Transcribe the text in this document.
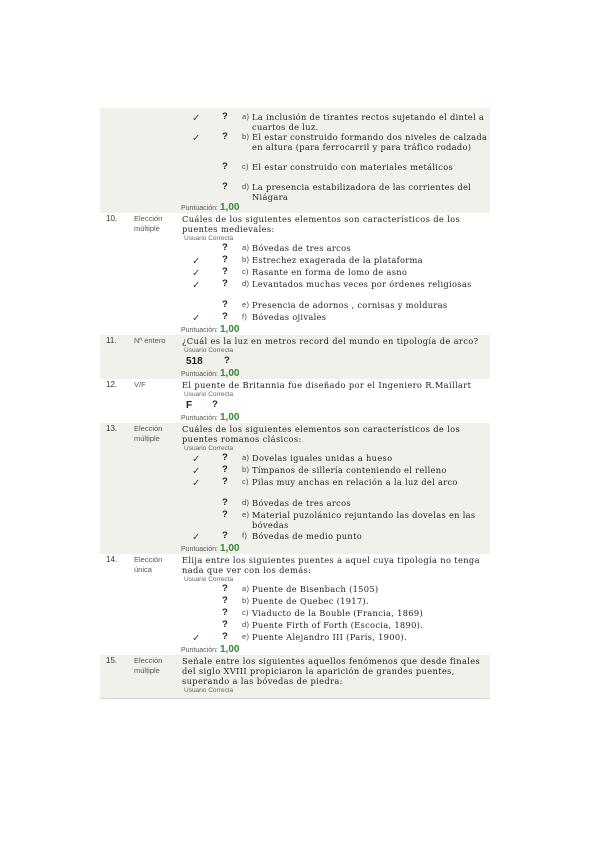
✓ ? a) La inclusión de tirantes rectos sujetando el dintel a cuartos de luz.
✓ ? b) El estar construido formando dos niveles de calzada en altura (para ferrocarril y para tráfico rodado)
? c) El estar construido con materiales metálicos
? d) La presencia estabilizadora de las corrientes del Niágara
Puntuación: 1,00
10. Elección múltiple
Cuáles de los siguientes elementos son característicos de los puentes medievales:
Usuario Correcta
? a) Bóvedas de tres arcos
✓ ? b) Estrechez exagerada de la plataforma
✓ ? c) Rasante en forma de lomo de asno
✓ ? d) Levantados muchas veces por órdenes religiosas
? e) Presencia de adornos , cornisas y molduras
✓ ? f) Bóvedas ojivales
Puntuación: 1,00
11. Nº entero	¿Cuál es la luz en metros record del mundo en tipología de arco?
Usuario Correcta
518 ?
Puntuación: 1,00
12. V/F	El puente de Britannia fue diseñado por el Ingeniero R.Maillart
Usuario Correcta
F ?
Puntuación: 1,00
13. Elección múltiple
Cuáles de los siguientes elementos son característicos de los puentes romanos clásicos:
Usuario Correcta
✓ ? a) Dovelas iguales unidas a hueso
✓ ? b) Tímpanos de sillería conteniendo el relleno
✓ ? c) Pilas muy anchas en relación a la luz del arco
? d) Bóvedas de tres arcos
? e) Material puzolánico rejuntando las dovelas en las bóvedas
✓ ? f) Bóvedas de medio punto
Puntuación: 1,00
14. Elección única
Elija entre los siguientes puentes a aquel cuya tipología no tenga nada que ver con los demás:
Usuario Correcta
? a) Puente de Bisenbach (1505)
? b) Puente de Quebec (1917).
? c) Viaducto de la Bouble (Francia, 1869)
? d) Puente Firth of Forth (Escocia, 1890).
✓ ? e) Puente Alejandro III (París, 1900).
Puntuación: 1,00
15. Elección múltiple
Señale entre los siguientes aquellos fenómenos que desde finales del siglo XVIII propiciaron la aparición de grandes puentes, superando a las bóvedas de piedra:
Usuario Correcta
